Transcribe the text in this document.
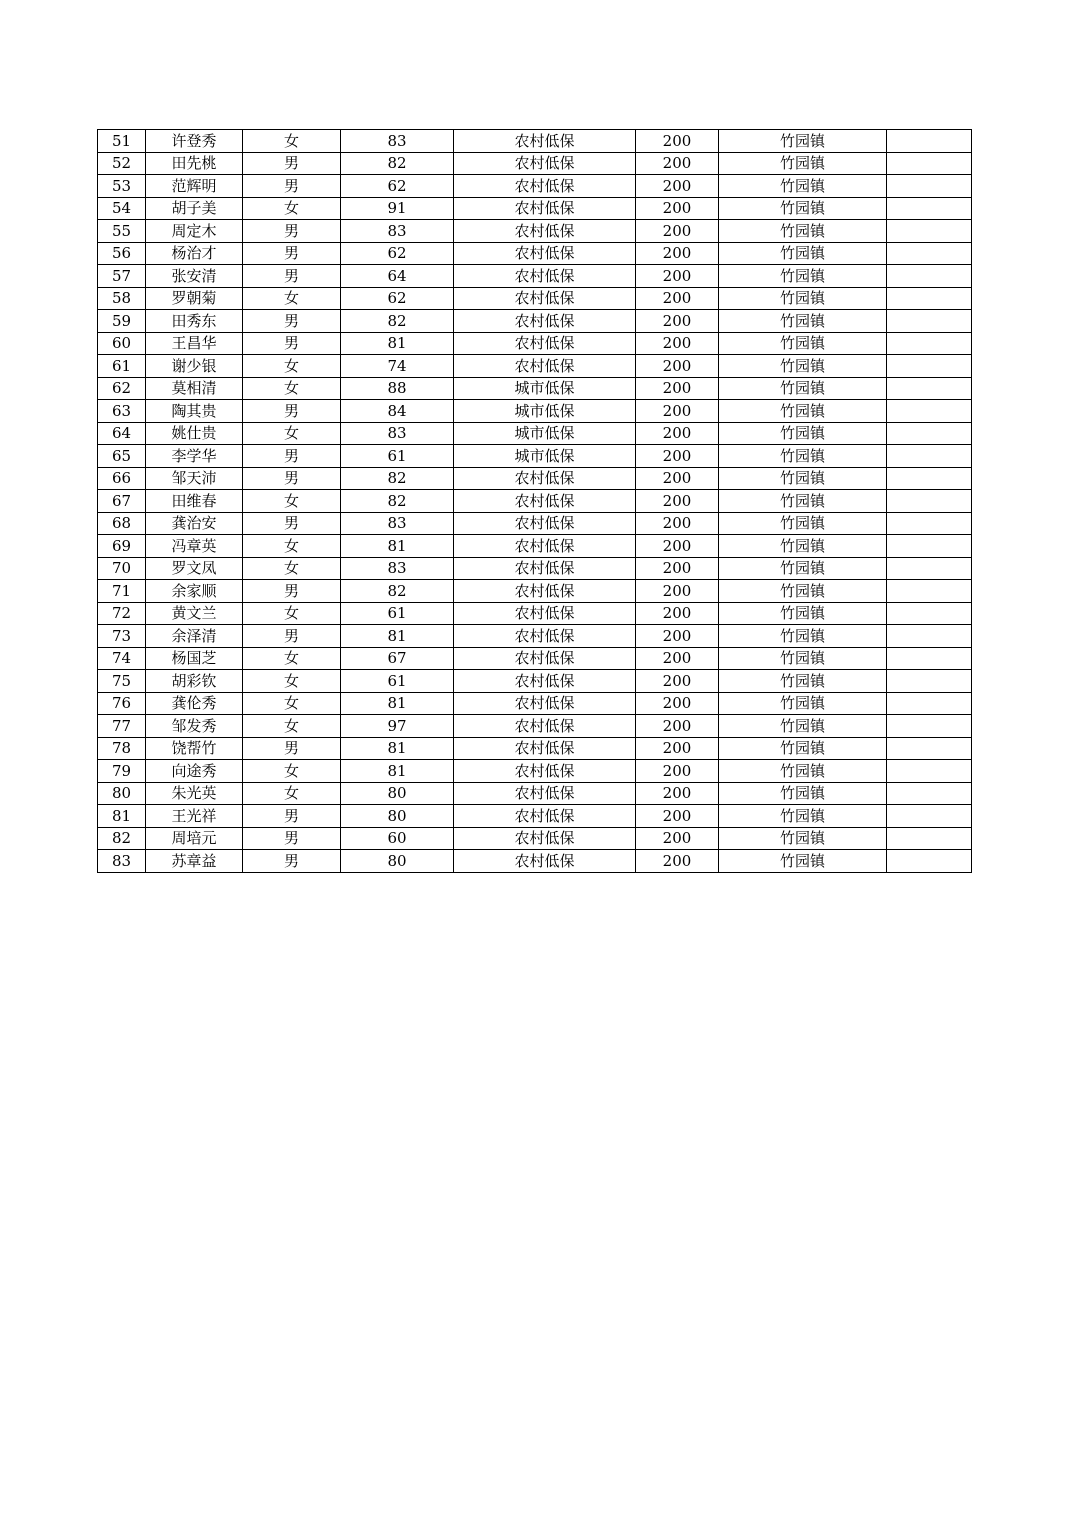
51	许登秀	女	83	农村低保	200	竹园镇	
52	田先桃	男	82	农村低保	200	竹园镇	
53	范辉明	男	62	农村低保	200	竹园镇	
54	胡子美	女	91	农村低保	200	竹园镇	
55	周定木	男	83	农村低保	200	竹园镇	
56	杨治才	男	62	农村低保	200	竹园镇	
57	张安清	男	64	农村低保	200	竹园镇	
58	罗朝菊	女	62	农村低保	200	竹园镇	
59	田秀东	男	82	农村低保	200	竹园镇	
60	王昌华	男	81	农村低保	200	竹园镇	
61	谢少银	女	74	农村低保	200	竹园镇	
62	莫相清	女	88	城市低保	200	竹园镇	
63	陶其贵	男	84	城市低保	200	竹园镇	
64	姚仕贵	女	83	城市低保	200	竹园镇	
65	李学华	男	61	城市低保	200	竹园镇	
66	邹天沛	男	82	农村低保	200	竹园镇	
67	田维春	女	82	农村低保	200	竹园镇	
68	龚治安	男	83	农村低保	200	竹园镇	
69	冯章英	女	81	农村低保	200	竹园镇	
70	罗文凤	女	83	农村低保	200	竹园镇	
71	余家顺	男	82	农村低保	200	竹园镇	
72	黄文兰	女	61	农村低保	200	竹园镇	
73	余泽清	男	81	农村低保	200	竹园镇	
74	杨国芝	女	67	农村低保	200	竹园镇	
75	胡彩钦	女	61	农村低保	200	竹园镇	
76	龚伦秀	女	81	农村低保	200	竹园镇	
77	邹发秀	女	97	农村低保	200	竹园镇	
78	饶帮竹	男	81	农村低保	200	竹园镇	
79	向途秀	女	81	农村低保	200	竹园镇	
80	朱光英	女	80	农村低保	200	竹园镇	
81	王光祥	男	80	农村低保	200	竹园镇	
82	周培元	男	60	农村低保	200	竹园镇	
83	苏章益	男	80	农村低保	200	竹园镇	
